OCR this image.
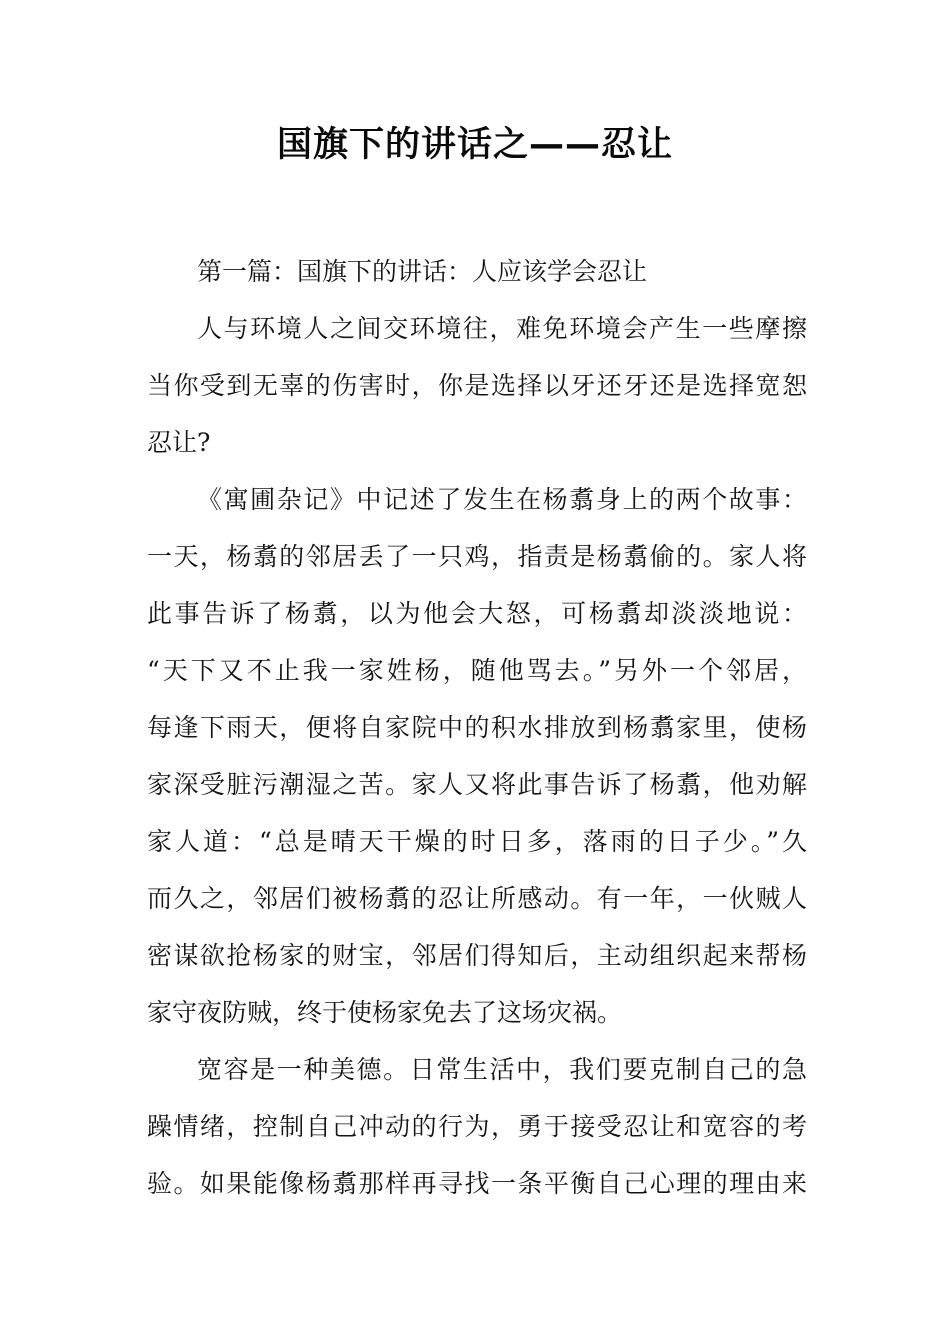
国旗下的讲话之——忍让

第一篇：国旗下的讲话：人应该学会忍让

人与环境人之间交环境往，难免环境会产生一些摩擦
当你受到无辜的伤害时，你是选择以牙还牙还是选择宽恕
忍让?

《寓圃杂记》中记述了发生在杨翥身上的两个故事：
一天，杨翥的邻居丢了一只鸡，指责是杨翥偷的。家人将
此事告诉了杨翥，以为他会大怒，可杨翥却淡淡地说：
“天下又不止我一家姓杨，随他骂去。”另外一个邻居，
每逢下雨天，便将自家院中的积水排放到杨翥家里，使杨
家深受脏污潮湿之苦。家人又将此事告诉了杨翥，他劝解
家人道：“总是晴天干燥的时日多，落雨的日子少。”久
而久之，邻居们被杨翥的忍让所感动。有一年，一伙贼人
密谋欲抢杨家的财宝，邻居们得知后，主动组织起来帮杨
家守夜防贼，终于使杨家免去了这场灾祸。

宽容是一种美德。日常生活中，我们要克制自己的急
躁情绪，控制自己冲动的行为，勇于接受忍让和宽容的考
验。如果能像杨翥那样再寻找一条平衡自己心理的理由来
